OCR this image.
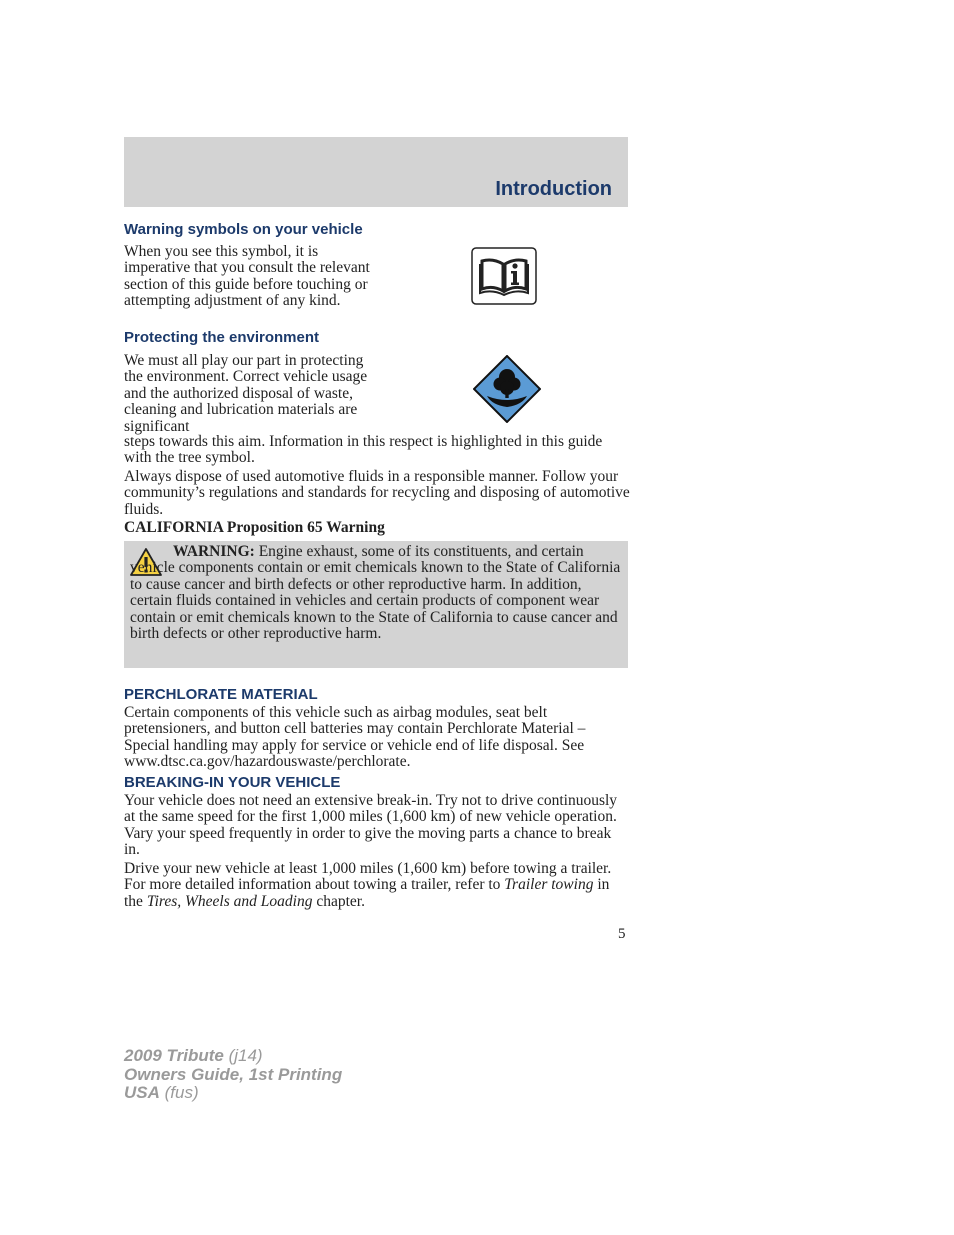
Introduction
Warning symbols on your vehicle

When you see this symbol, it is imperative that you consult the relevant section of this guide before touching or attempting adjustment of any kind.

Protecting the environment

We must all play our part in protecting the environment. Correct vehicle usage and the authorized disposal of waste, cleaning and lubrication materials are significant

steps towards this aim. Information in this respect is highlighted in this guide with the tree symbol.

Always dispose of used automotive fluids in a responsible manner. Follow your community’s regulations and standards for recycling and disposing of automotive fluids.

CALIFORNIA Proposition 65 Warning

WARNING: Engine exhaust, some of its constituents, and certain vehicle components contain or emit chemicals known to the State of California to cause cancer and birth defects or other reproductive harm. In addition, certain fluids contained in vehicles and certain products of component wear contain or emit chemicals known to the State of California to cause cancer and birth defects or other reproductive harm.

PERCHLORATE MATERIAL

Certain components of this vehicle such as airbag modules, seat belt pretensioners, and button cell batteries may contain Perchlorate Material – Special handling may apply for service or vehicle end of life disposal. See www.dtsc.ca.gov/hazardouswaste/perchlorate.

BREAKING-IN YOUR VEHICLE

Your vehicle does not need an extensive break-in. Try not to drive continuously at the same speed for the first 1,000 miles (1,600 km) of new vehicle operation. Vary your speed frequently in order to give the moving parts a chance to break in.

Drive your new vehicle at least 1,000 miles (1,600 km) before towing a trailer. For more detailed information about towing a trailer, refer to Trailer towing in the Tires, Wheels and Loading chapter.

5
2009 Tribute (j14)
Owners Guide, 1st Printing
USA (fus)
